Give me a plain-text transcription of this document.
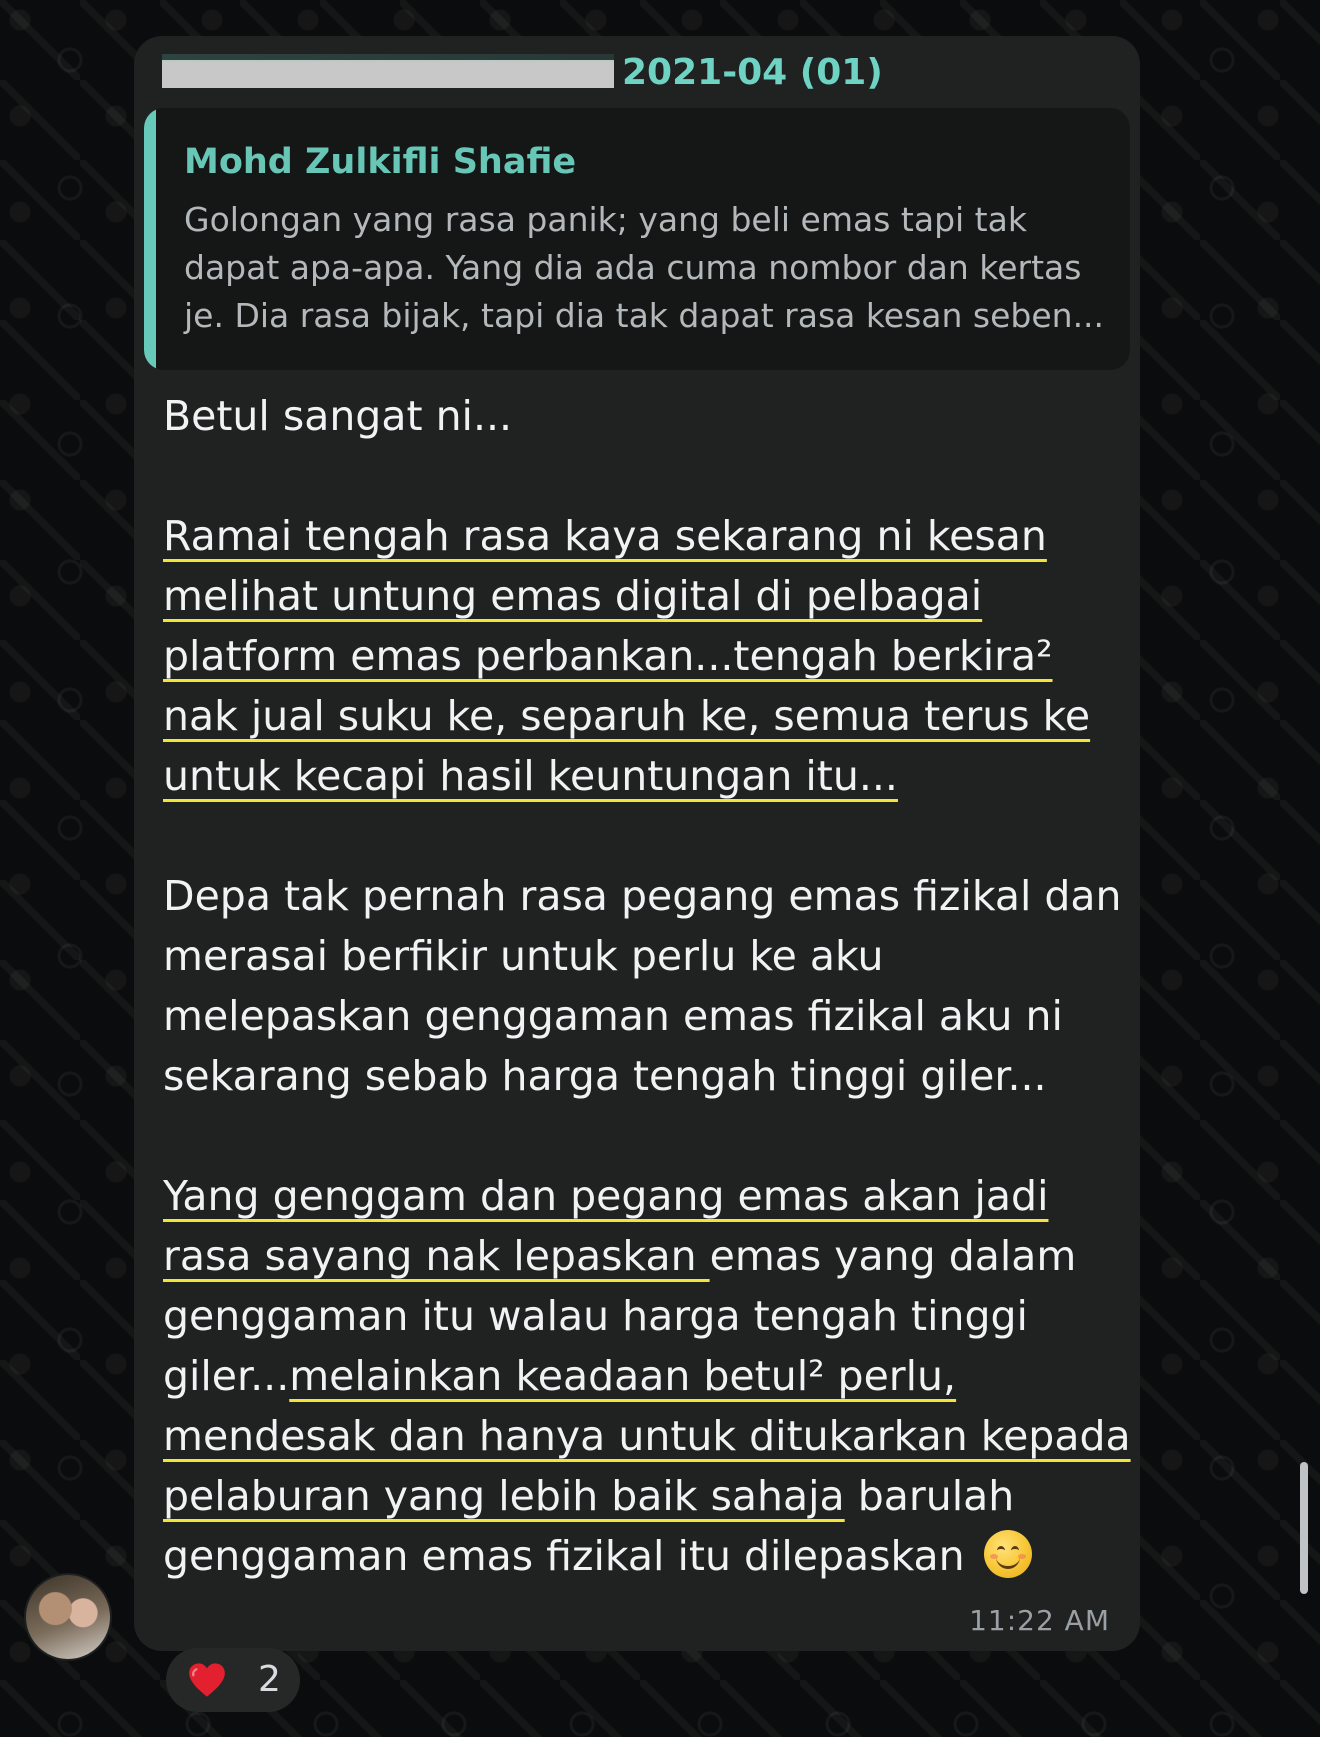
2021-04 (01)
Mohd Zulkifli Shafie
Golongan yang rasa panik; yang beli emas tapi tak
dapat apa-apa. Yang dia ada cuma nombor dan kertas
je. Dia rasa bijak, tapi dia tak dapat rasa kesan seben...

Betul sangat ni...

Ramai tengah rasa kaya sekarang ni kesan
melihat untung emas digital di pelbagai
platform emas perbankan...tengah berkira²
nak jual suku ke, separuh ke, semua terus ke
untuk kecapi hasil keuntungan itu...

Depa tak pernah rasa pegang emas fizikal dan
merasai berfikir untuk perlu ke aku
melepaskan genggaman emas fizikal aku ni
sekarang sebab harga tengah tinggi giler...

Yang genggam dan pegang emas akan jadi
rasa sayang nak lepaskan emas yang dalam
genggaman itu walau harga tengah tinggi
giler...melainkan keadaan betul² perlu,
mendesak dan hanya untuk ditukarkan kepada
pelaburan yang lebih baik sahaja barulah
genggaman emas fizikal itu dilepaskan

11:22 AM
2
